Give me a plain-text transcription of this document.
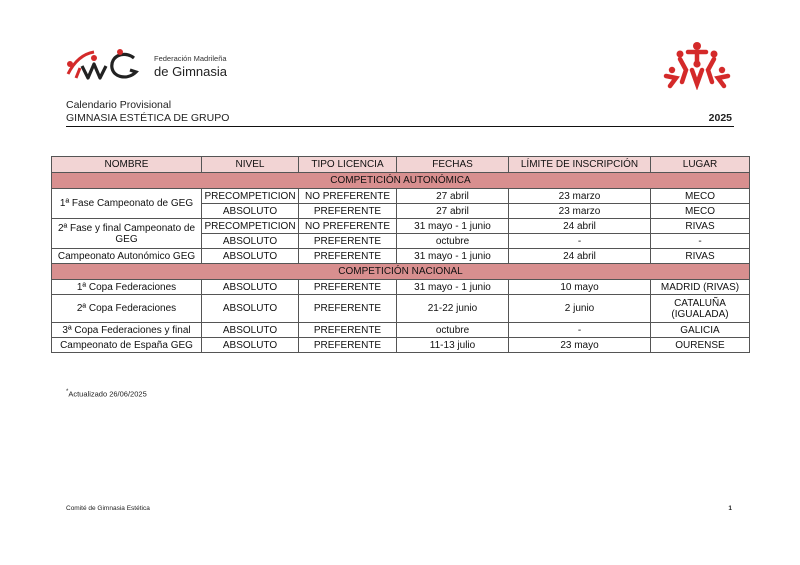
Federación Madrileña
de Gimnasia
Calendario Provisional
GIMNASIA ESTÉTICA DE GRUPO	2025
NOMBRE	NIVEL	TIPO LICENCIA	FECHAS	LÍMITE DE INSCRIPCIÓN	LUGAR
COMPETICIÓN AUTONÓMICA					
1ª Fase Campeonato de GEG	PRECOMPETICION	NO PREFERENTE	27 abril	23 marzo	MECO
	ABSOLUTO	PREFERENTE	27 abril	23 marzo	MECO
2ª Fase y final Campeonato de GEG	PRECOMPETICION	NO PREFERENTE	31 mayo - 1 junio	24 abril	RIVAS
	ABSOLUTO	PREFERENTE	octubre	-	-
Campeonato Autonómico GEG	ABSOLUTO	PREFERENTE	31 mayo - 1 junio	24 abril	RIVAS
COMPETICIÓN NACIONAL					
1ª Copa Federaciones	ABSOLUTO	PREFERENTE	31 mayo - 1 junio	10 mayo	MADRID (RIVAS)
2ª Copa Federaciones	ABSOLUTO	PREFERENTE	21-22 junio	2 junio	CATALUÑA (IGUALADA)
3ª Copa Federaciones y final	ABSOLUTO	PREFERENTE	octubre	-	GALICIA
Campeonato de España GEG	ABSOLUTO	PREFERENTE	11-13 julio	23 mayo	OURENSE
*Actualizado 26/06/2025
Comité de Gimnasia Estética	1
